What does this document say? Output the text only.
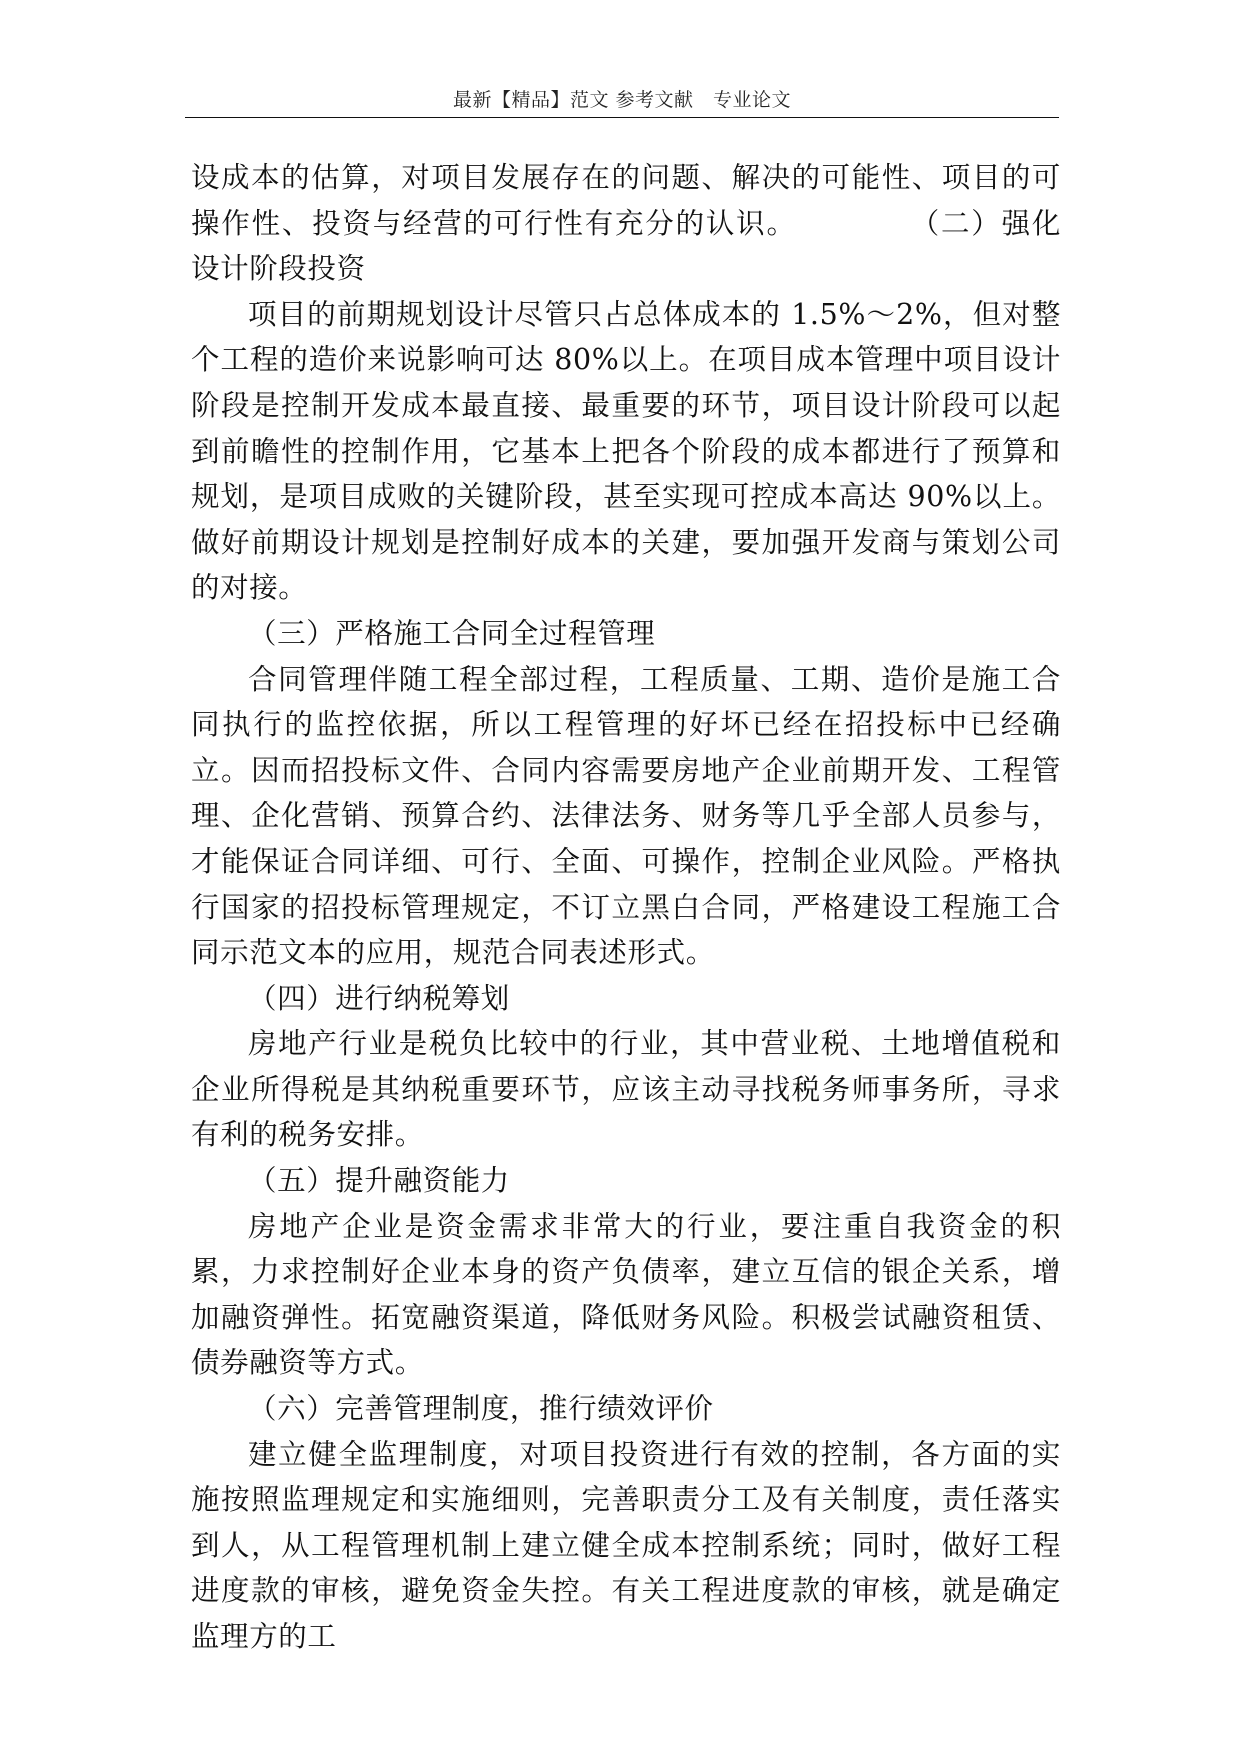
最新【精品】范文 参考文献　专业论文

设成本的估算，对项目发展存在的问题、解决的可能性、项目的可操作性、投资与经营的可行性有充分的认识。	（二）强化设计阶段投资

项目的前期规划设计尽管只占总体成本的 1.5%～2%，但对整个工程的造价来说影响可达 80%以上。在项目成本管理中项目设计阶段是控制开发成本最直接、最重要的环节，项目设计阶段可以起到前瞻性的控制作用，它基本上把各个阶段的成本都进行了预算和规划，是项目成败的关键阶段，甚至实现可控成本高达 90%以上。做好前期设计规划是控制好成本的关建，要加强开发商与策划公司的对接。

（三）严格施工合同全过程管理

合同管理伴随工程全部过程，工程质量、工期、造价是施工合同执行的监控依据，所以工程管理的好坏已经在招投标中已经确立。因而招投标文件、合同内容需要房地产企业前期开发、工程管理、企化营销、预算合约、法律法务、财务等几乎全部人员参与，才能保证合同详细、可行、全面、可操作，控制企业风险。严格执行国家的招投标管理规定，不订立黑白合同，严格建设工程施工合同示范文本的应用，规范合同表述形式。

（四）进行纳税筹划

房地产行业是税负比较中的行业，其中营业税、土地增值税和企业所得税是其纳税重要环节，应该主动寻找税务师事务所，寻求有利的税务安排。

（五）提升融资能力

房地产企业是资金需求非常大的行业，要注重自我资金的积累，力求控制好企业本身的资产负债率，建立互信的银企关系，增加融资弹性。拓宽融资渠道，降低财务风险。积极尝试融资租赁、债券融资等方式。

（六）完善管理制度，推行绩效评价

建立健全监理制度，对项目投资进行有效的控制，各方面的实施按照监理规定和实施细则，完善职责分工及有关制度，责任落实到人，从工程管理机制上建立健全成本控制系统；同时，做好工程进度款的审核，避免资金失控。有关工程进度款的审核，就是确定监理方的工
